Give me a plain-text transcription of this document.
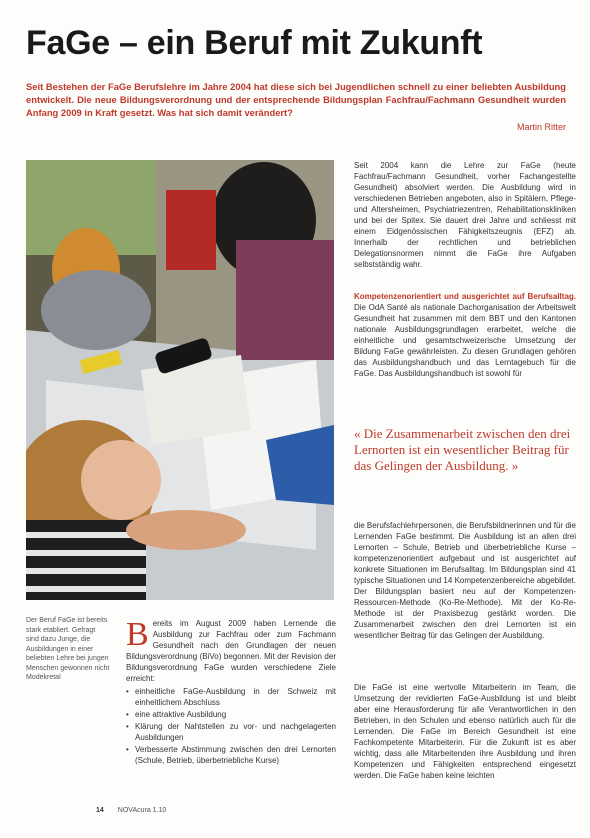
FaGe – ein Beruf mit Zukunft
Seit Bestehen der FaGe Berufslehre im Jahre 2004 hat diese sich bei Jugendlichen schnell zu einer beliebten Ausbildung entwickelt. Die neue Bildungsverordnung und der entsprechende Bildungsplan Fachfrau/Fachmann Gesundheit wurden Anfang 2009 in Kraft gesetzt. Was hat sich damit verändert?
Martin Ritter
Der Beruf FaGe ist bereits stark etabliert. Gefragt sind dazu Junge, die Ausbildungen in einer beliebten Lehre bei jungen Menschen gewonnen nicht Modekretal

Seit 2004 kann die Lehre zur FaGe (heute Fachfrau/Fachmann Gesundheit, vorher Fachangestellte Gesundheit) absolviert werden. Die Ausbildung wird in verschiedenen Betrieben angeboten, also in Spitälern, Pflege- und Altersheimen, Psychiatriezentren, Rehabilitationskliniken und bei der Spitex. Sie dauert drei Jahre und schliesst mit einem Eidgenössischen Fähigkeitszeugnis (EFZ) ab. Innerhalb der rechtlichen und betrieblichen Delegationsnormen nimmt die FaGe ihre Aufgaben selbstständig wahr.

Kompetenzenorientiert und ausgerichtet auf Berufsalltag. Die OdA Santé als nationale Dachorganisation der Arbeitswelt Gesundheit hat zusammen mit dem BBT und den Kantonen nationale Ausbildungsgrundlagen erarbeitet, welche die einheitliche und gesamtschweizerische Umsetzung der Bildung FaGe gewährleisten. Zu diesen Grundlagen gehören das Ausbildungshandbuch und das Lerntagebuch für die FaGe. Das Ausbildungshandbuch ist sowohl für

« Die Zusammenarbeit zwischen den drei Lernorten ist ein wesentlicher Beitrag für das Gelingen der Ausbildung. »

die Berufsfachlehrpersonen, die Berufsbildnerinnen und für die Lernenden FaGe bestimmt. Die Ausbildung ist an allen drei Lernorten – Schule, Betrieb und überbetriebliche Kurse – kompetenzenorientiert aufgebaut und ist ausgerichtet auf konkrete Situationen im Berufsalltag. Im Bildungsplan sind 41 typische Situationen und 14 Kompetenzenbereiche abgebildet. Der Bildungsplan basiert neu auf der Kompetenzen-Ressourcen-Methode (Ko-Re-Methode). Mit der Ko-Re-Methode ist der Praxisbezug gestärkt worden. Die Zusammenarbeit zwischen den drei Lernorten ist ein wesentlicher Beitrag für das Gelingen der Ausbildung.

Die FaGe ist eine wertvolle Mitarbeiterin im Team, die Umsetzung der revidierten FaGe-Ausbildung ist und bleibt aber eine Herausforderung für alle Verantwortlichen in den Betrieben, in den Schulen und ebenso natürlich auch für die Lernenden. Die FaGe im Bereich Gesundheit ist eine Fachkompetente Mitarbeiterin. Für die Zukunft ist es aber wichtig, dass alle Mitarbeitenden ihre Ausbildung und ihren Kompetenzen und Fähigkeiten entsprechend eingesetzt werden. Die FaGe haben keine leichten

Bereits im August 2009 haben Lernende die Ausbildung zur Fachfrau oder zum Fachmann Gesundheit nach den Grundlagen der neuen Bildungsverordnung (BiVo) begonnen. Mit der Revision der Bildungsverordnung FaGe wurden verschiedene Ziele erreicht:

• einheitliche FaGe-Ausbildung in der Schweiz mit einheitlichem Abschluss
• eine attraktive Ausbildung
• Klärung der Nahtstellen zu vor- und nachgelagerten Ausbildungen
• Verbesserte Abstimmung zwischen den drei Lernorten (Schule, Betrieb, überbetriebliche Kurse)
14 NOVAcura 1.10
